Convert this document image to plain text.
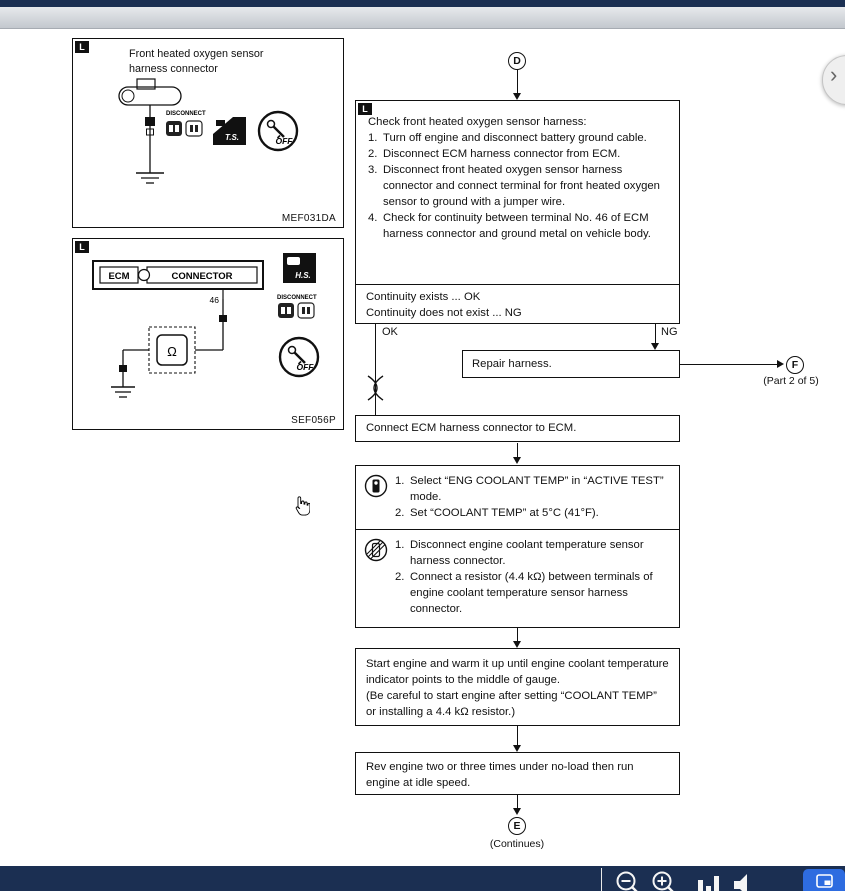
L
Front heated oxygen sensor
harness connector
DISCONNECT
T.S.	OFF
MEF031DA
L
ECM	CONNECTOR
46
Ω
H.S.
DISCONNECT
OFF
SEF056P
D
L
Check front heated oxygen sensor harness:
1. Turn off engine and disconnect battery ground cable.
2. Disconnect ECM harness connector from ECM.
3. Disconnect front heated oxygen sensor harness connector and connect terminal for front heated oxygen sensor to ground with a jumper wire.
4. Check for continuity between terminal No. 46 of ECM harness connector and ground metal on vehicle body.
Continuity exists ... OK
Continuity does not exist ... NG
OK	NG
Repair harness.	F
(Part 2 of 5)
Connect ECM harness connector to ECM.
1. Select “ENG COOLANT TEMP” in “ACTIVE TEST” mode.
2. Set “COOLANT TEMP” at 5°C (41°F).
1. Disconnect engine coolant temperature sensor harness connector.
2. Connect a resistor (4.4 kΩ) between terminals of engine coolant temperature sensor harness connector.
Start engine and warm it up until engine coolant temperature indicator points to the middle of gauge.
(Be careful to start engine after setting “COOLANT TEMP” or installing a 4.4 kΩ resistor.)
Rev engine two or three times under no-load then run engine at idle speed.
E
(Continues)
›
